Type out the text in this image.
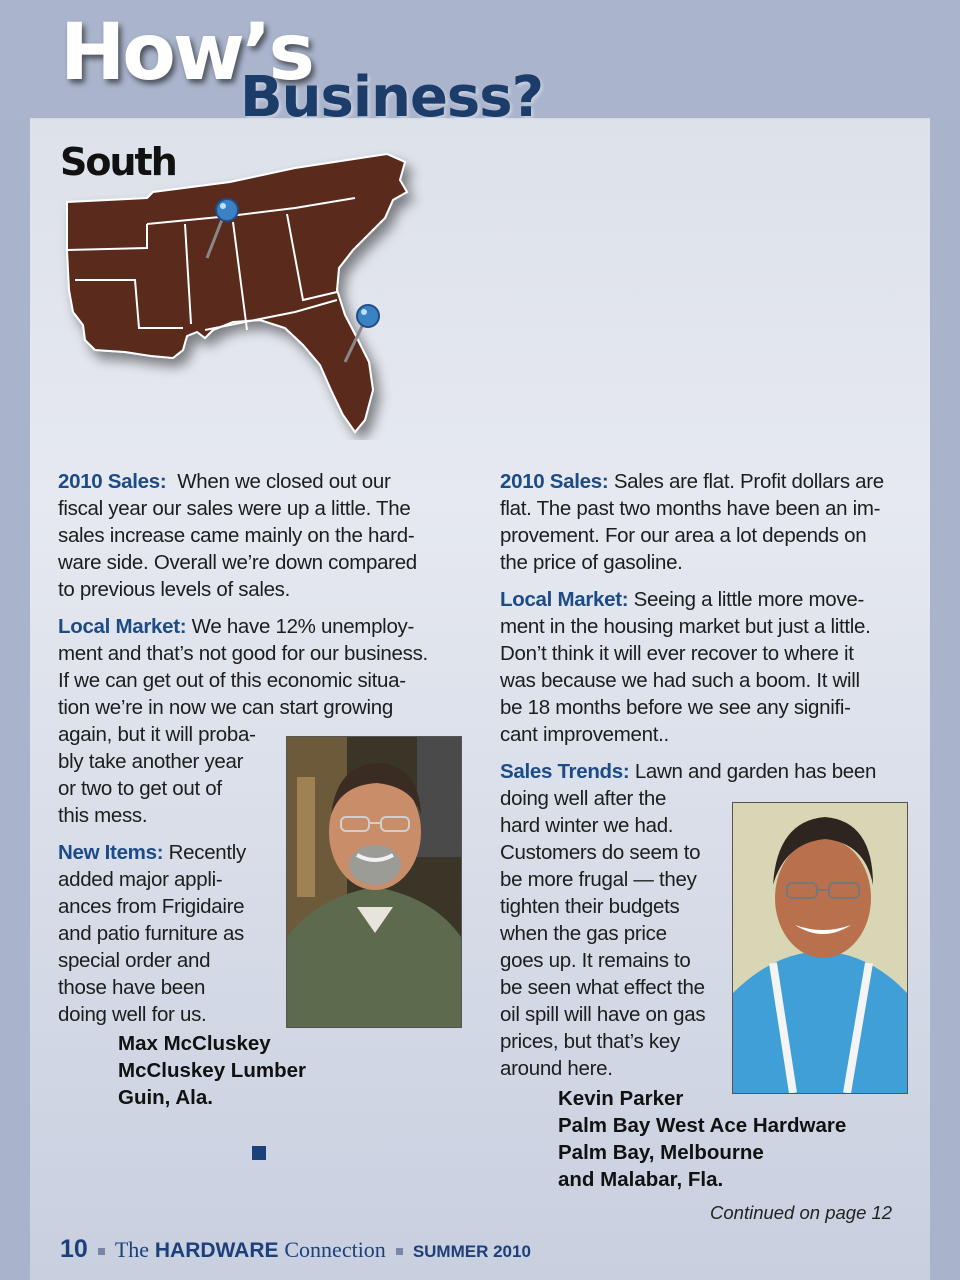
How’s
Business?
South

2010 Sales: When we closed out our
fiscal year our sales were up a little. The
sales increase came mainly on the hard-
ware side. Overall we’re down compared
to previous levels of sales.

Local Market: We have 12% unemploy-
ment and that’s not good for our business.
If we can get out of this economic situa-
tion we’re in now we can start growing
again, but it will proba-
bly take another year
or two to get out of
this mess.

New Items: Recently
added major appli-
ances from Frigidaire
and patio furniture as
special order and
those have been
doing well for us.

Max McCluskey
McCluskey Lumber
Guin, Ala.

2010 Sales: Sales are flat. Profit dollars are
flat. The past two months have been an im-
provement. For our area a lot depends on
the price of gasoline.

Local Market: Seeing a little more move-
ment in the housing market but just a little.
Don’t think it will ever recover to where it
was because we had such a boom. It will
be 18 months before we see any signifi-
cant improvement..

Sales Trends: Lawn and garden has been
doing well after the
hard winter we had.
Customers do seem to
be more frugal — they
tighten their budgets
when the gas price
goes up. It remains to
be seen what effect the
oil spill will have on gas
prices, but that’s key
around here.

Kevin Parker
Palm Bay West Ace Hardware
Palm Bay, Melbourne
and Malabar, Fla.
Continued on page 12
10 The HARDWARE Connection SUMMER 2010
